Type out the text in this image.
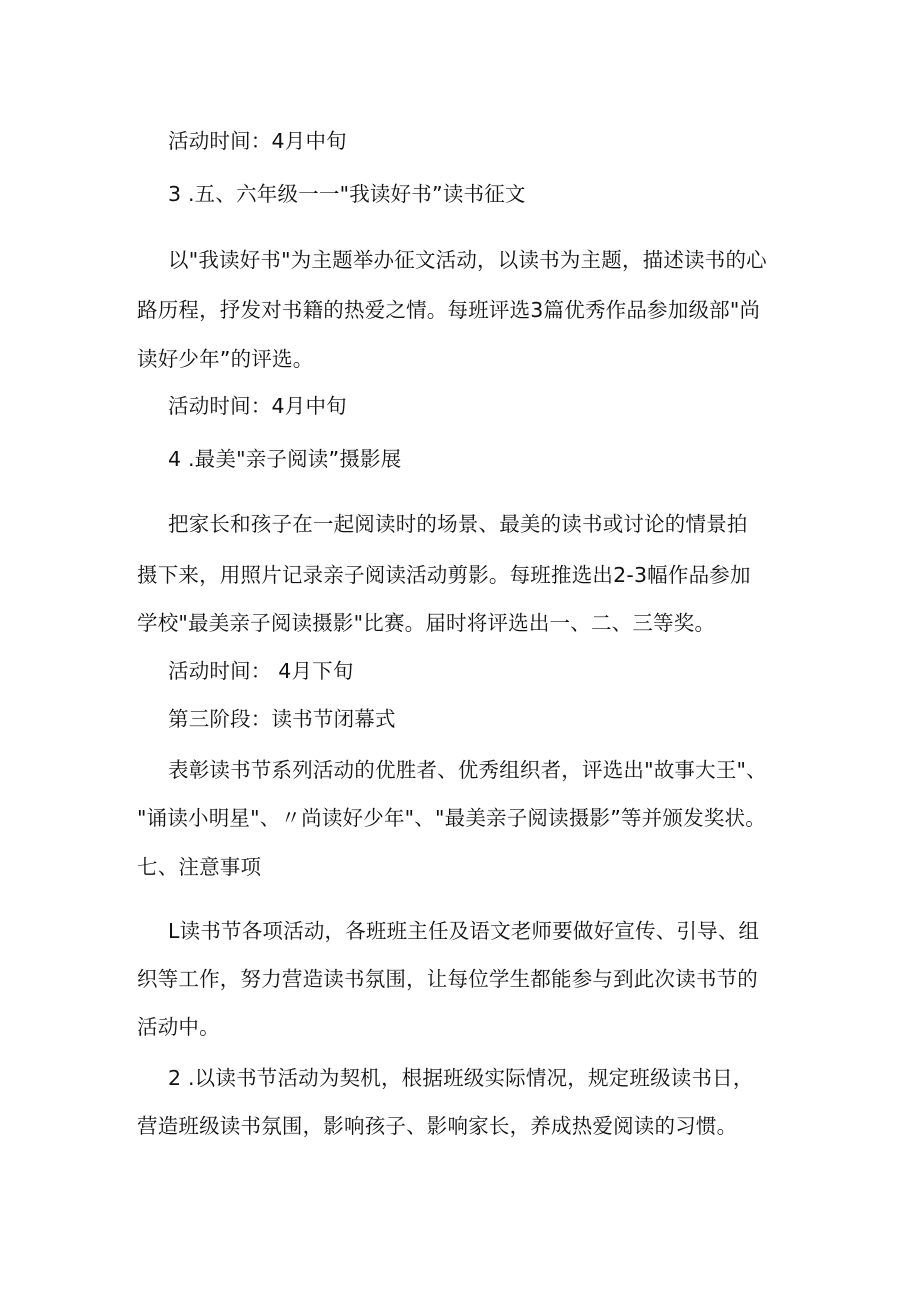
活动时间：4月中旬
3 .五、六年级一一"我读好书”读书征文
以"我读好书"为主题举办征文活动，以读书为主题，描述读书的心
路历程，抒发对书籍的热爱之情。每班评选3篇优秀作品参加级部"尚
读好少年”的评选。
活动时间：4月中旬
4 .最美"亲子阅读”摄影展
把家长和孩子在一起阅读时的场景、最美的读书或讨论的情景拍
摄下来，用照片记录亲子阅读活动剪影。每班推选出2-3幅作品参加
学校"最美亲子阅读摄影"比赛。届时将评选出一、二、三等奖。
活动时间： 4月下旬
第三阶段：读书节闭幕式
表彰读书节系列活动的优胜者、优秀组织者，评选出"故事大王"、
"诵读小明星"、〃尚读好少年"、"最美亲子阅读摄影”等并颁发奖状。
七、注意事项
L读书节各项活动，各班班主任及语文老师要做好宣传、引导、组
织等工作，努力营造读书氛围，让每位学生都能参与到此次读书节的
活动中。
2 .以读书节活动为契机，根据班级实际情况，规定班级读书日，
营造班级读书氛围，影响孩子、影响家长，养成热爱阅读的习惯。
